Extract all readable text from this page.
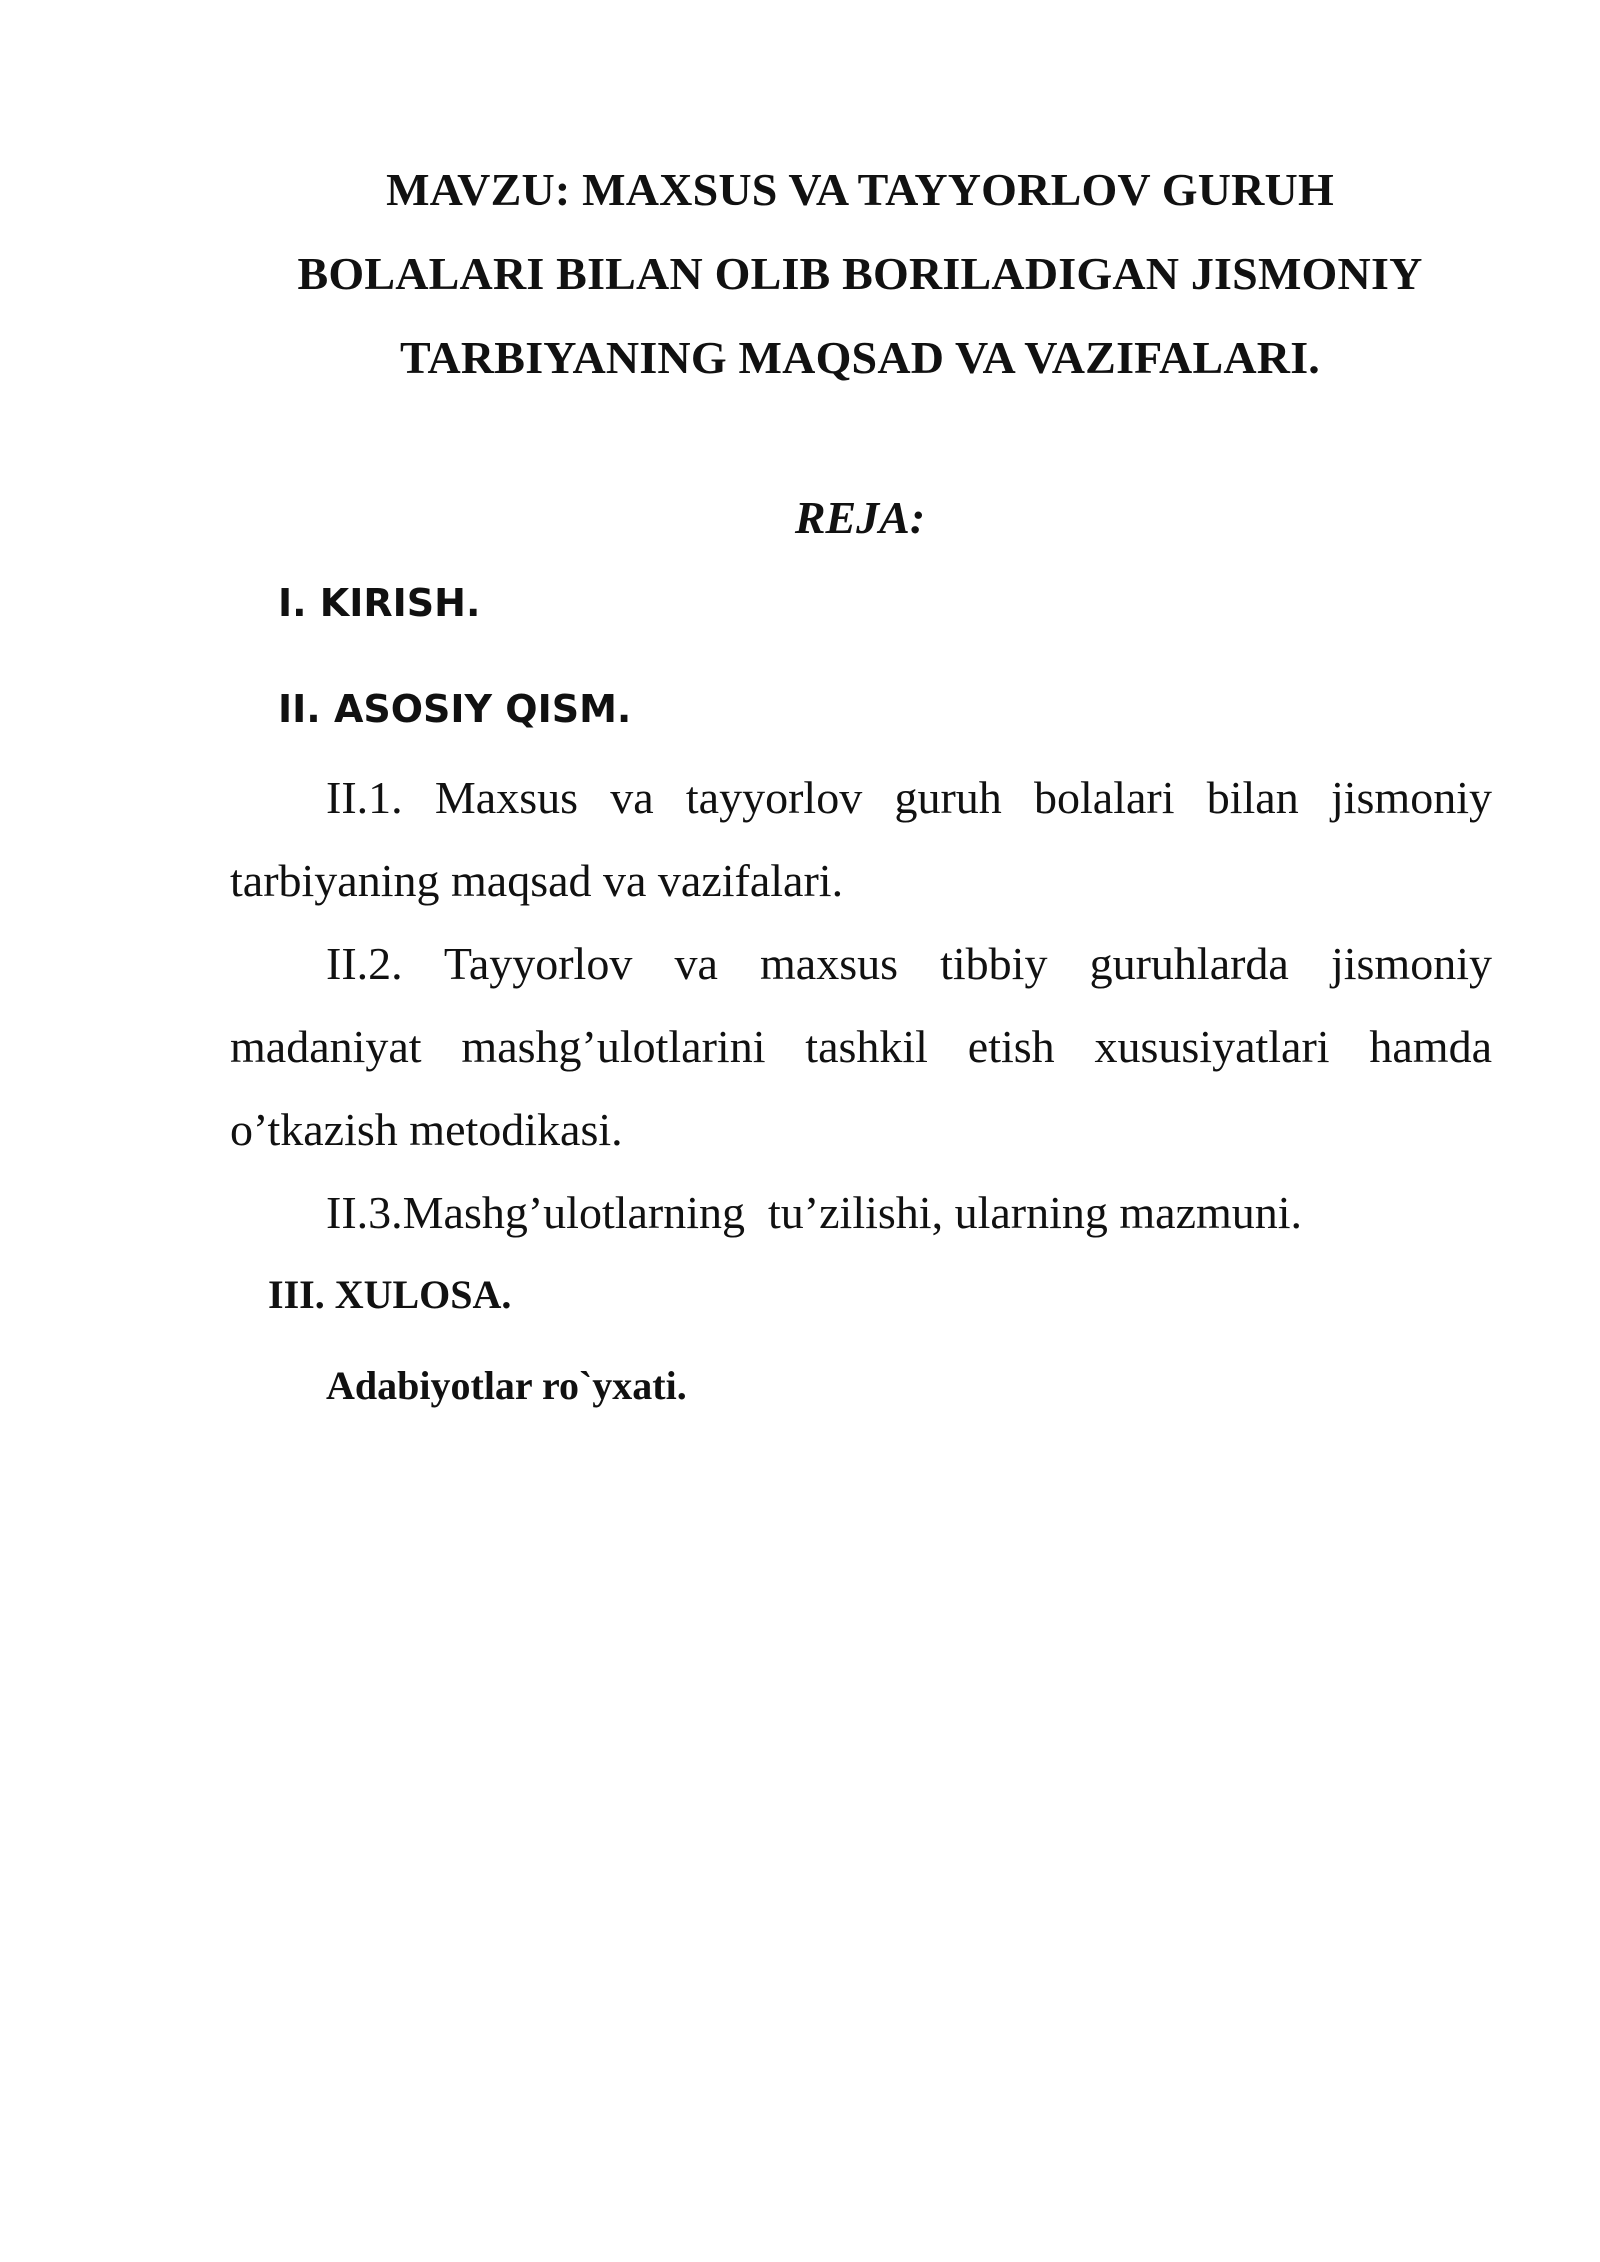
MAVZU: MAXSUS VA TAYYORLOV GURUH
BOLALARI BILAN OLIB BORILADIGAN JISMONIY
TARBIYANING MAQSAD VA VAZIFALARI.
REJA:

I. KIRISH.

II. ASOSIY QISM.

II.1. Maxsus va tayyorlov guruh bolalari bilan jismoniy tarbiyaning maqsad va vazifalari.

II.2. Tayyorlov va maxsus tibbiy guruhlarda jismoniy madaniyat mashg’ulotlarini tashkil etish xususiyatlari hamda o’tkazish metodikasi.

II.3.Mashg’ulotlarning  tu’zilishi, ularning mazmuni.

III. XULOSA.

Adabiyotlar ro`yxati.
